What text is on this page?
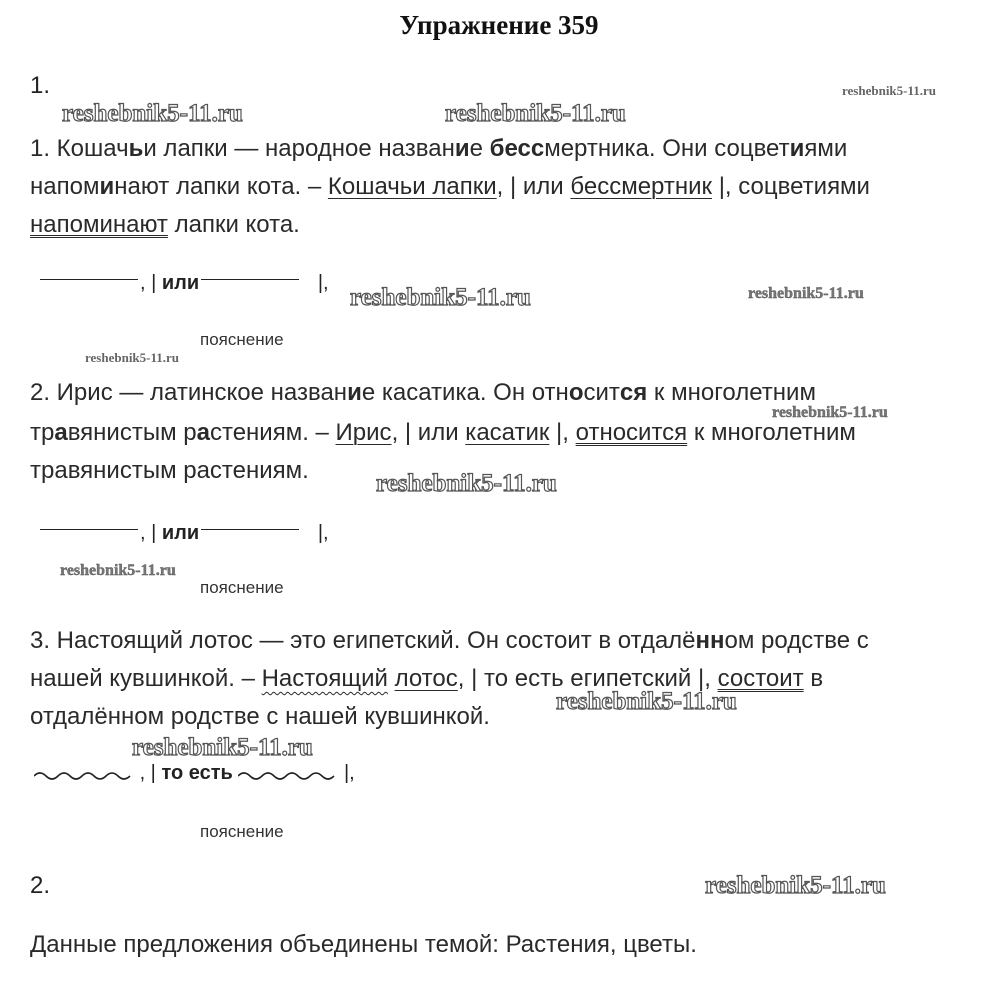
Упражнение 359
1.
reshebnik5-11.ru	reshebnik5-11.ru
reshebnik5-11.ru
1. Кошачьи лапки — народное название бессмертника. Они соцветиями
напоминают лапки кота. – Кошачьи лапки, | или бессмертник |, соцветиями
напоминают лапки кота.
, | или	|,
reshebnik5-11.ru	reshebnik5-11.ru
пояснение
reshebnik5-11.ru
2. Ирис — латинское название касатика. Он относится к многолетним
reshebnik5-11.ru
травянистым растениям. – Ирис, | или касатик |, относится к многолетним
травянистым растениям.	reshebnik5-11.ru
, | или	|,
reshebnik5-11.ru
пояснение
3. Настоящий лотос — это египетский. Он состоит в отдалённом родстве с
нашей кувшинкой. – Настоящий лотос, | то есть египетский |, состоит в
отдалённом родстве с нашей кувшинкой.
reshebnik5-11.ru
reshebnik5-11.ru
, | то есть	|,
пояснение
2.	reshebnik5-11.ru
Данные предложения объединены темой: Растения, цветы.
